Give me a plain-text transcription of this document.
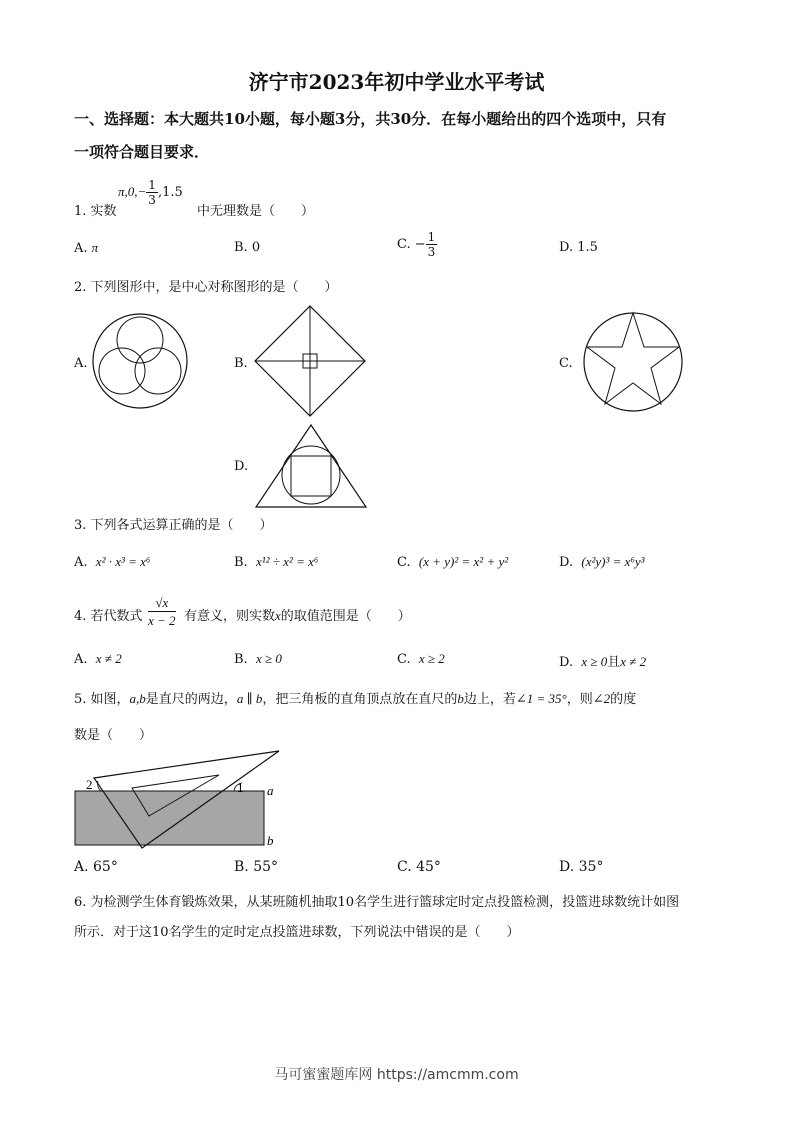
济宁市2023年初中学业水平考试
一、选择题：本大题共10小题，每小题3分，共30分．在每小题给出的四个选项中，只有
一项符合题目要求．
1. 实数
$\pi,0,- \frac{1}{3} ,1.5$
中无理数是（　　）
A. π	B. 0	C. − $\frac{1}{3}$	D. 1.5
2. 下列图形中，是中心对称图形的是（　　）
A.	B.	C.
D.
3. 下列各式运算正确的是（　　）
A. x² · x³ = x⁶	B. x¹² ÷ x² = x⁶	C. (x + y)² = x² + y²	D. (x²y)³ = x⁶y³
4. 若代数式 $\frac{√x}{x - 2}$ 有意义，则实数x的取值范围是（　　）
A. x ≠ 2	B. x ≥ 0	C. x ≥ 2	D. x ≥ 0且x ≠ 2
5. 如图，a,b是直尺的两边，a ∥ b，把三角板的直角顶点放在直尺的b边上，若∠1 = 35°，则∠2的度
数是（　　）
2	1 a
b
A. 65°	B. 55°	C. 45°	D. 35°
6. 为检测学生体育锻炼效果，从某班随机抽取10名学生进行篮球定时定点投篮检测，投篮进球数统计如图
所示．对于这10名学生的定时定点投篮进球数，下列说法中错误的是（　　）
马可蜜蜜题库网 https://amcmm.com
